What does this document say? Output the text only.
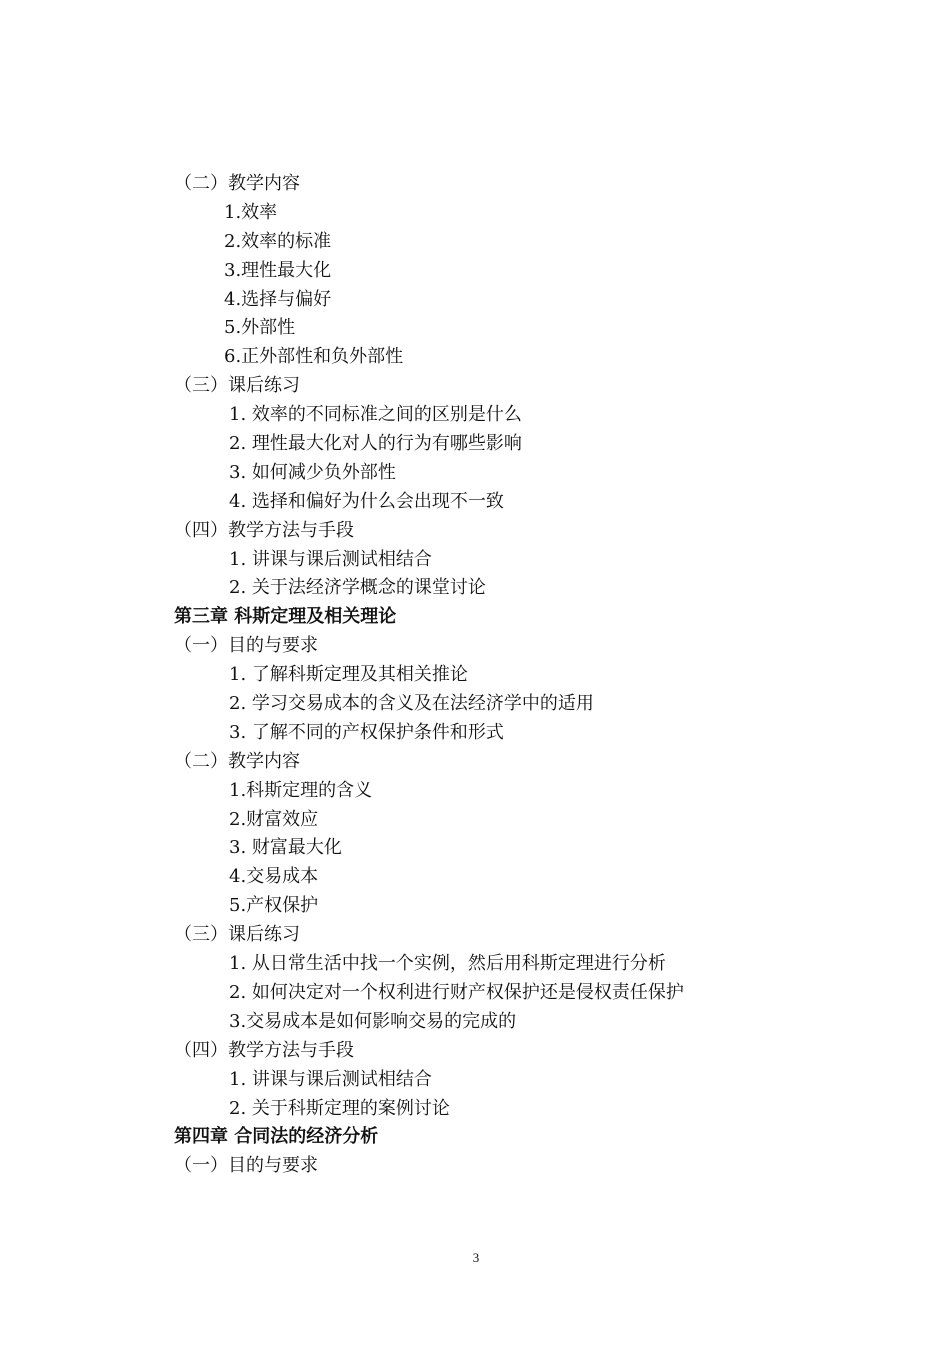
（二）教学内容
1.效率
2.效率的标准
3.理性最大化
4.选择与偏好
5.外部性
6.正外部性和负外部性
（三）课后练习
1. 效率的不同标准之间的区别是什么
2. 理性最大化对人的行为有哪些影响
3. 如何减少负外部性
4. 选择和偏好为什么会出现不一致
（四）教学方法与手段
1. 讲课与课后测试相结合
2. 关于法经济学概念的课堂讨论
第三章 科斯定理及相关理论
（一）目的与要求
1. 了解科斯定理及其相关推论
2. 学习交易成本的含义及在法经济学中的适用
3. 了解不同的产权保护条件和形式
（二）教学内容
1.科斯定理的含义
2.财富效应
3. 财富最大化
4.交易成本
5.产权保护
（三）课后练习
1. 从日常生活中找一个实例，然后用科斯定理进行分析
2. 如何决定对一个权利进行财产权保护还是侵权责任保护
3.交易成本是如何影响交易的完成的
（四）教学方法与手段
1. 讲课与课后测试相结合
2. 关于科斯定理的案例讨论
第四章 合同法的经济分析
（一）目的与要求
3
